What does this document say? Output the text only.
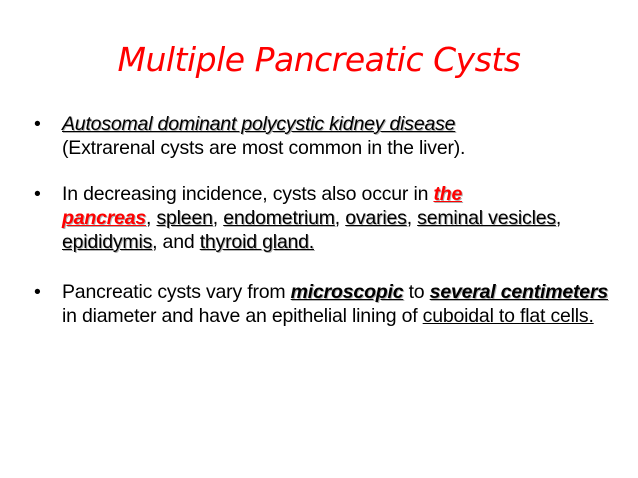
Multiple Pancreatic Cysts
• Autosomal dominant polycystic kidney disease
(Extrarenal cysts are most common in the liver).
• In decreasing incidence, cysts also occur in the
pancreas, spleen, endometrium, ovaries, seminal vesicles, epididymis, and thyroid gland.
• Pancreatic cysts vary from microscopic to several centimeters in diameter and have an epithelial lining of cuboidal to flat cells.
